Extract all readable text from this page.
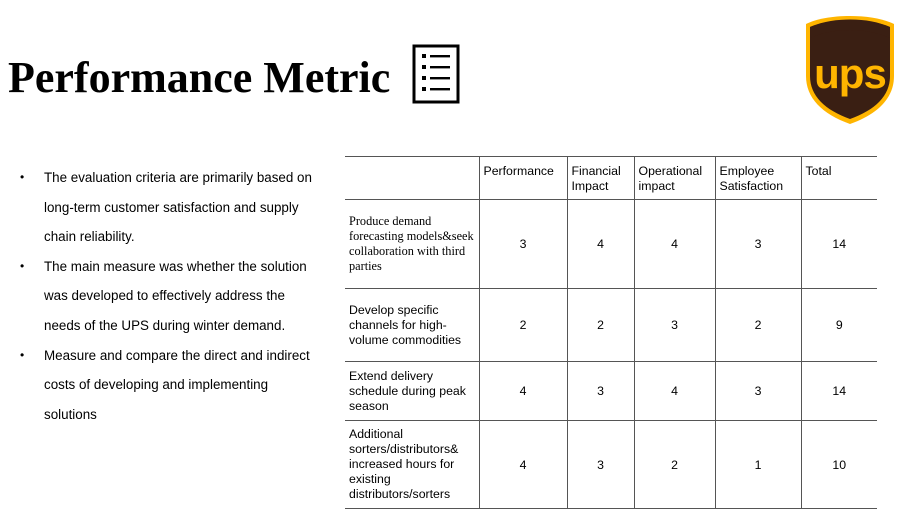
Performance Metric	ups
• The evaluation criteria are primarily based on long-term customer satisfaction and supply chain reliability.
• The main measure was whether the solution was developed to effectively address the needs of the UPS during winter demand.
• Measure and compare the direct and indirect costs of developing and implementing solutions
	Performance	Financial Impact	Operational impact	Employee Satisfaction	Total
Produce demand forecasting models&seek collaboration with third parties	3	4	4	3	14
Develop specific channels for high-volume commodities	2	2	3	2	9
Extend delivery schedule during peak season	4	3	4	3	14
Additional sorters/distributors& increased hours for existing distributors/sorters	4	3	2	1	10
